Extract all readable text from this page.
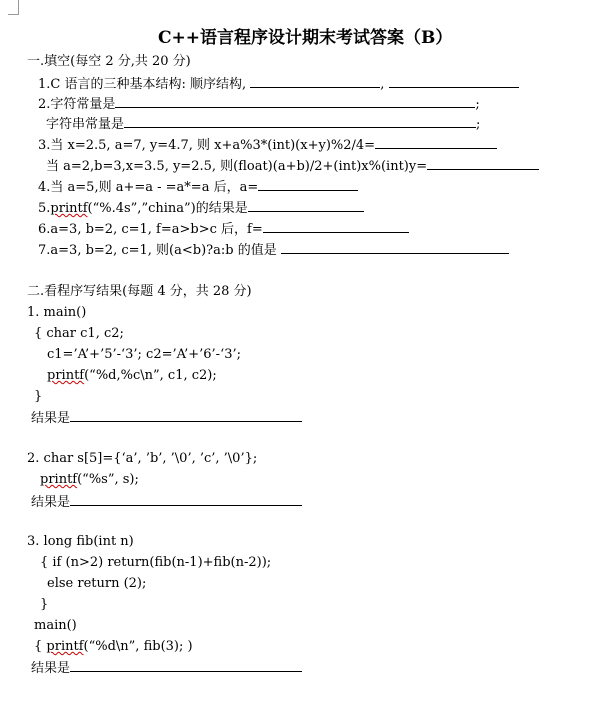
C++语言程序设计期末考试答案（B）
一.填空(每空 2 分,共 20 分)
1.C 语言的三种基本结构: 顺序结构,	,
2.字符常量是	;
字符串常量是	;
3.当 x=2.5, a=7, y=4.7, 则 x+a%3*(int)(x+y)%2/4=
当 a=2,b=3,x=3.5, y=2.5, 则(float)(a+b)/2+(int)x%(int)y=
4.当 a=5,则 a+=a - =a*=a 后，a=
5.printf(“%.4s”,”china”)的结果是
6.a=3, b=2, c=1, f=a>b>c 后，f=
7.a=3, b=2, c=1, 则(a<b)?a:b 的值是
二.看程序写结果(每题 4 分，共 28 分)
1. main()
{ char c1, c2;
c1=’A’+’5’-‘3’; c2=’A’+’6’-‘3’;
printf(“%d,%c\n”, c1, c2);
}
结果是
2. char s[5]={‘a’, ’b’, ’\0’, ’c’, ’\0’};
printf(“%s”, s);
结果是
3. long fib(int n)
{ if (n>2) return(fib(n-1)+fib(n-2));
else return (2);
}
main()
{ printf(“%d\n”, fib(3); )
结果是
